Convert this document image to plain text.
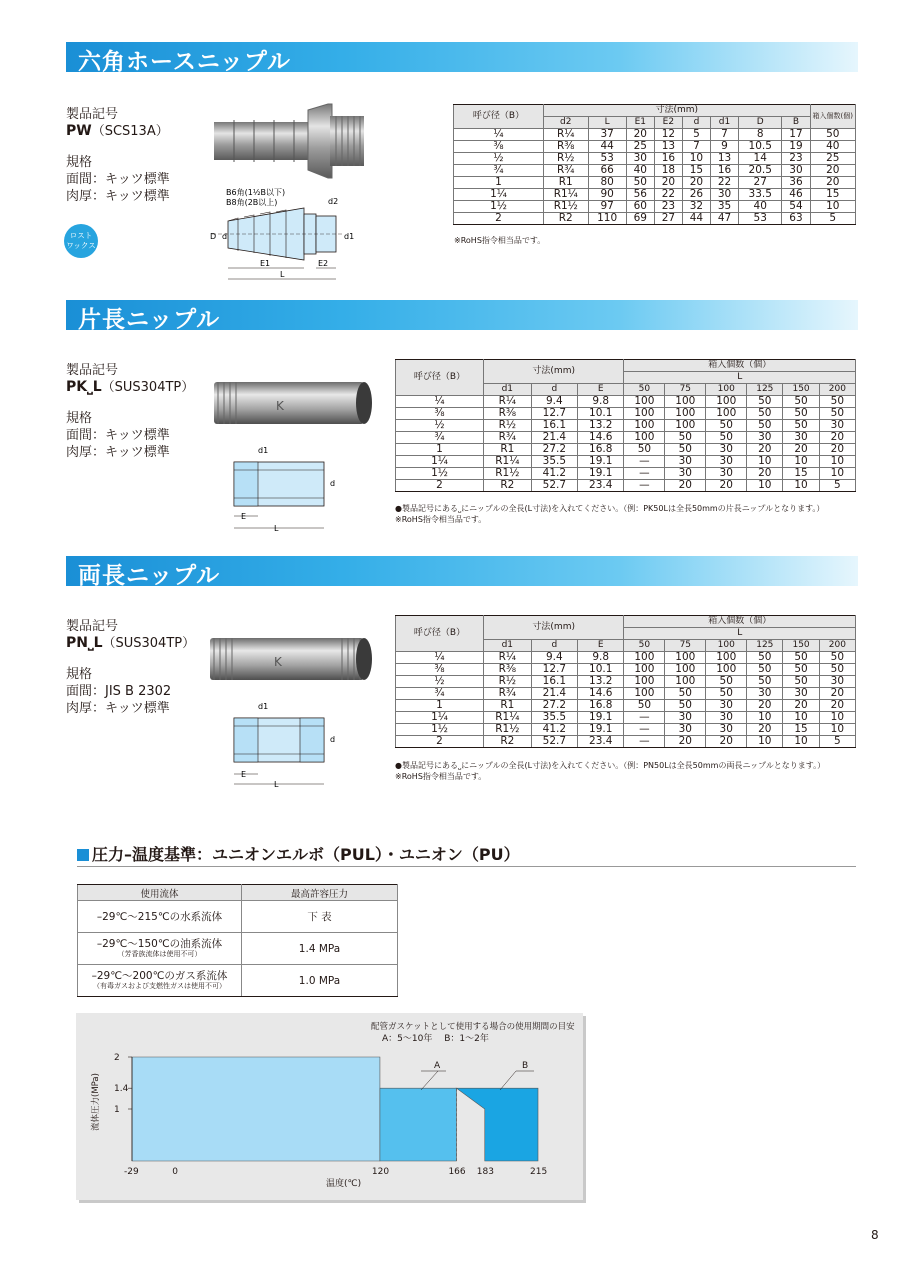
六角ホースニップル
製品記号
PW（SCS13A）
規格
面間：キッツ標準
肉厚：キッツ標準
ロスト
ワックス
B6角(1½B以下)
B8角(2B以上)	d2
D d	d1
E1	E2
L
呼び径（B）	寸法(mm)								箱入個数(個)
	d2	L	E1	E2	d	d1	D	B	
¼	R¼	37	20	12	5	7	8	17	50
⅜	R⅜	44	25	13	7	9	10.5	19	40
½	R½	53	30	16	10	13	14	23	25
¾	R¾	66	40	18	15	16	20.5	30	20
1	R1	80	50	20	20	22	27	36	20
1¼	R1¼	90	56	22	26	30	33.5	46	15
1½	R1½	97	60	23	32	35	40	54	10
2	R2	110	69	27	44	47	53	63	5
※RoHS指令相当品です。
片長ニップル
製品記号
PK⎵L（SUS304TP）
規格
面間：キッツ標準
肉厚：キッツ標準
K
d1
d
E
L
呼び径（B）	寸法(mm)			箱入個数（個）					
				L					
	d1	d	E	50	75	100	125	150	200
¼	R¼	9.4	9.8	100	100	100	50	50	50
⅜	R⅜	12.7	10.1	100	100	100	50	50	50
½	R½	16.1	13.2	100	100	50	50	50	30
¾	R¾	21.4	14.6	100	50	50	30	30	20
1	R1	27.2	16.8	50	50	30	20	20	20
1¼	R1¼	35.5	19.1	—	30	30	10	10	10
1½	R1½	41.2	19.1	—	30	30	20	15	10
2	R2	52.7	23.4	—	20	20	10	10	5
●製品記号にある⎵にニップルの全長(L寸法)を入れてください。（例：PK50Lは全長50mmの片長ニップルとなります。）
※RoHS指令相当品です。
両長ニップル
製品記号
PN⎵L（SUS304TP）
規格
面間：JIS B 2302
肉厚：キッツ標準
K
d1
d
E
L
呼び径（B）	寸法(mm)			箱入個数（個）					
				L					
	d1	d	E	50	75	100	125	150	200
¼	R¼	9.4	9.8	100	100	100	50	50	50
⅜	R⅜	12.7	10.1	100	100	100	50	50	50
½	R½	16.1	13.2	100	100	50	50	50	30
¾	R¾	21.4	14.6	100	50	50	30	30	20
1	R1	27.2	16.8	50	50	30	20	20	20
1¼	R1¼	35.5	19.1	—	30	30	10	10	10
1½	R1½	41.2	19.1	—	30	30	20	15	10
2	R2	52.7	23.4	—	20	20	10	10	5
●製品記号にある⎵にニップルの全長(L寸法)を入れてください。（例：PN50Lは全長50mmの両長ニップルとなります。）
※RoHS指令相当品です。
圧力–温度基準：ユニオンエルボ（PUL）・ユニオン（PU）
使用流体	最高許容圧力
–29℃〜215℃の水系流体	下 表
–29℃〜150℃の油系流体
（芳香族流体は使用不可）	1.4 MPa
–29℃〜200℃のガス系流体
（有毒ガスおよび支燃性ガスは使用不可）	1.0 MPa
配管ガスケットとして使用する場合の使用期間の目安
A：5〜10年　 B：1〜2年
1
1.4
2
-29	0	120	166 183	215
温度(℃)
流体圧力(MPa)
A	B
8
